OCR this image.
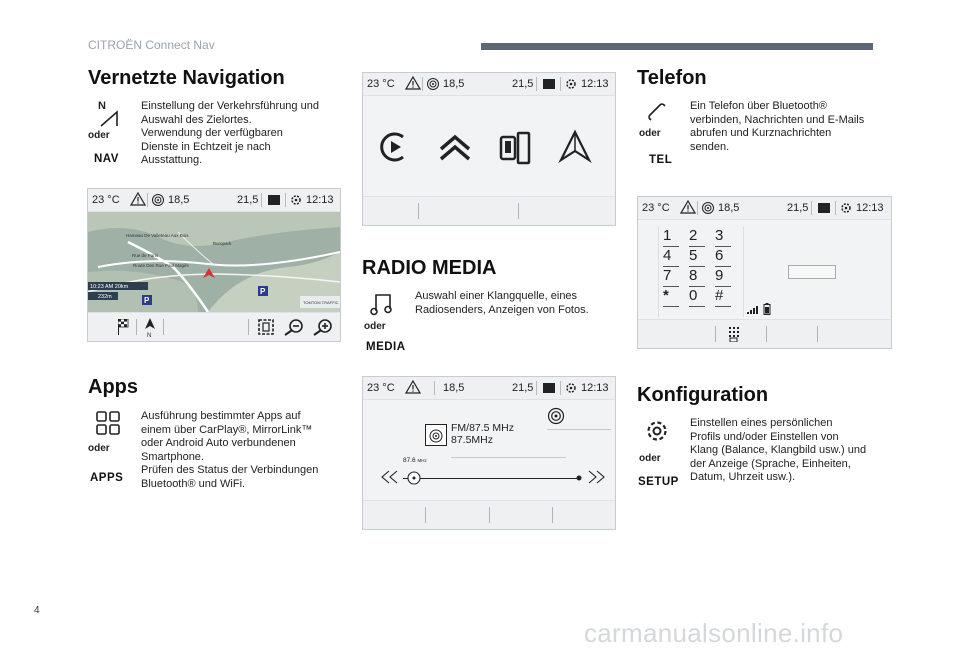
CITROËN Connect Nav
Vernetzte Navigation
N
oder
NAV

Einstellung der Verkehrsführung und

Auswahl des Zielortes.

Verwendung der verfügbaren

Dienste in Echtzeit je nach

Ausstattung.

23 °C	18,5	21,5	12:13
Hameau De Valleteau Aux Bois
Buropark
Rue de Paris
Route Des Rue Paul Magès
10:23 AM 20km
232m	P
P
TOMTOM TRAFFIC
N
Apps
oder
APPS

Ausführung bestimmter Apps auf

einem über CarPlay®, MirrorLink™

oder Android Auto verbundenen

Smartphone.

Prüfen des Status der Verbindungen

Bluetooth® und WiFi.

23 °C	18,5	21,5	12:13
RADIO MEDIA
oder
MEDIA

Auswahl einer Klangquelle, eines

Radiosenders, Anzeigen von Fotos.

23 °C	18,5	21,5	12:13
FM/87.5 MHz
87.5MHz
87.6 MHz
Telefon
oder
TEL

Ein Telefon über Bluetooth®

verbinden, Nachrichten und E-Mails

abrufen und Kurznachrichten

senden.

23 °C	18,5	21,5	12:13
1	2	3
4	5	6
7	8	9
*	0	#
Konfiguration
oder
SETUP

Einstellen eines persönlichen

Profils und/oder Einstellen von

Klang (Balance, Klangbild usw.) und

der Anzeige (Sprache, Einheiten,

Datum, Uhrzeit usw.).

4
carmanualsonline.info
